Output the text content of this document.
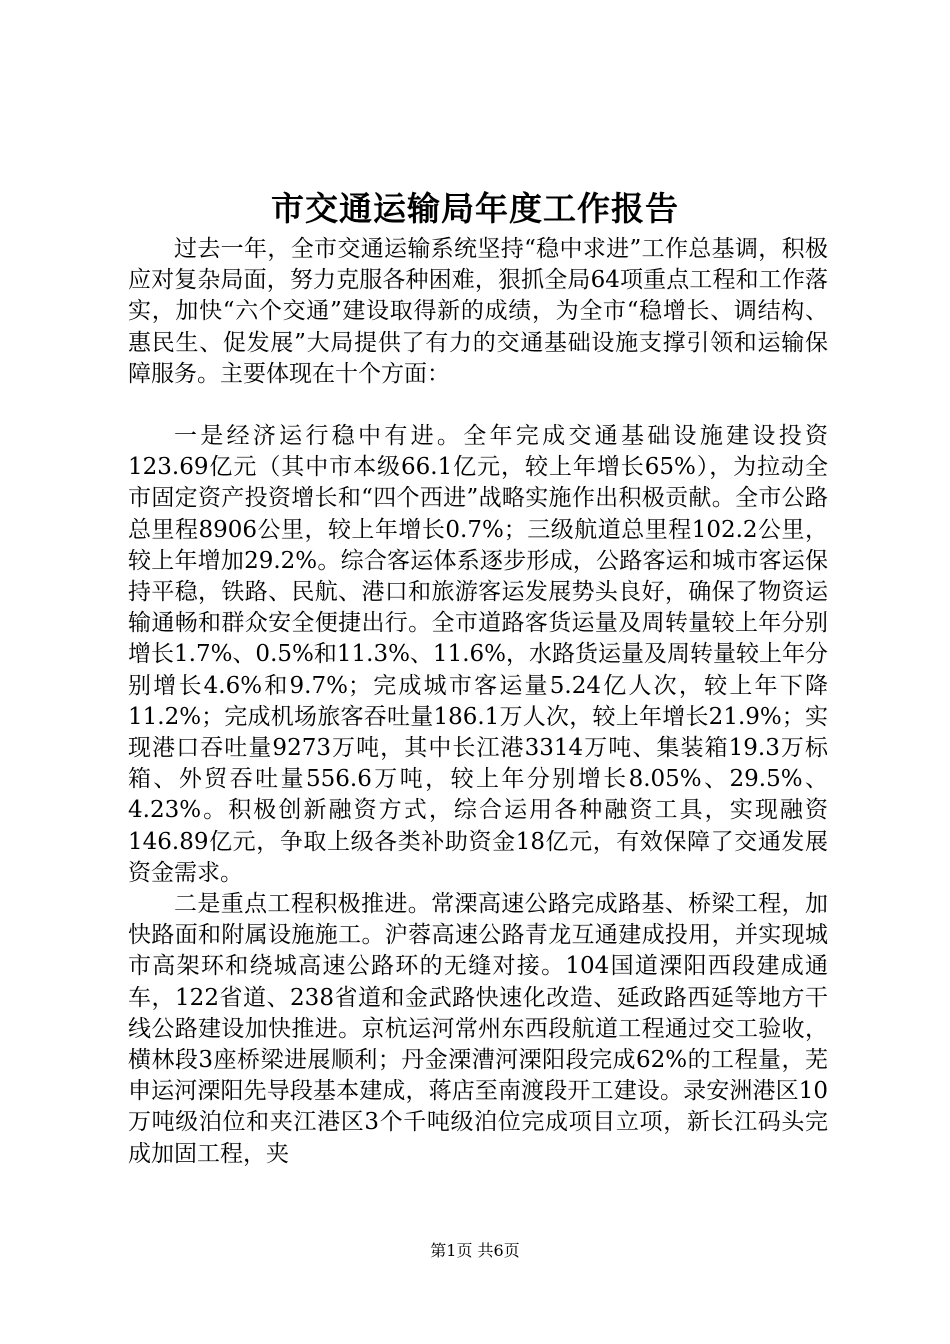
市交通运输局年度工作报告

过去一年，全市交通运输系统坚持“稳中求进”工作总基调，积极应对复杂局面，努力克服各种困难，狠抓全局64项重点工程和工作落实，加快“六个交通”建设取得新的成绩，为全市“稳增长、调结构、惠民生、促发展”大局提供了有力的交通基础设施支撑引领和运输保障服务。主要体现在十个方面：

一是经济运行稳中有进。全年完成交通基础设施建设投资123.69亿元（其中市本级66.1亿元，较上年增长65%），为拉动全市固定资产投资增长和“四个西进”战略实施作出积极贡献。全市公路总里程8906公里，较上年增长0.7%；三级航道总里程102.2公里，较上年增加29.2%。综合客运体系逐步形成，公路客运和城市客运保持平稳，铁路、民航、港口和旅游客运发展势头良好，确保了物资运输通畅和群众安全便捷出行。全市道路客货运量及周转量较上年分别增长1.7%、0.5%和11.3%、11.6%，水路货运量及周转量较上年分别增长4.6%和9.7%；完成城市客运量5.24亿人次，较上年下降11.2%；完成机场旅客吞吐量186.1万人次，较上年增长21.9%；实现港口吞吐量9273万吨，其中长江港3314万吨、集装箱19.3万标箱、外贸吞吐量556.6万吨，较上年分别增长8.05%、29.5%、4.23%。积极创新融资方式，综合运用各种融资工具，实现融资146.89亿元，争取上级各类补助资金18亿元，有效保障了交通发展资金需求。

二是重点工程积极推进。常溧高速公路完成路基、桥梁工程，加快路面和附属设施施工。沪蓉高速公路青龙互通建成投用，并实现城市高架环和绕城高速公路环的无缝对接。104国道溧阳西段建成通车，122省道、238省道和金武路快速化改造、延政路西延等地方干线公路建设加快推进。京杭运河常州东西段航道工程通过交工验收，横林段3座桥梁进展顺利；丹金溧漕河溧阳段完成62%的工程量，芜申运河溧阳先导段基本建成，蒋店至南渡段开工建设。录安洲港区10万吨级泊位和夹江港区3个千吨级泊位完成项目立项，新长江码头完成加固工程，夹

第1页 共6页
